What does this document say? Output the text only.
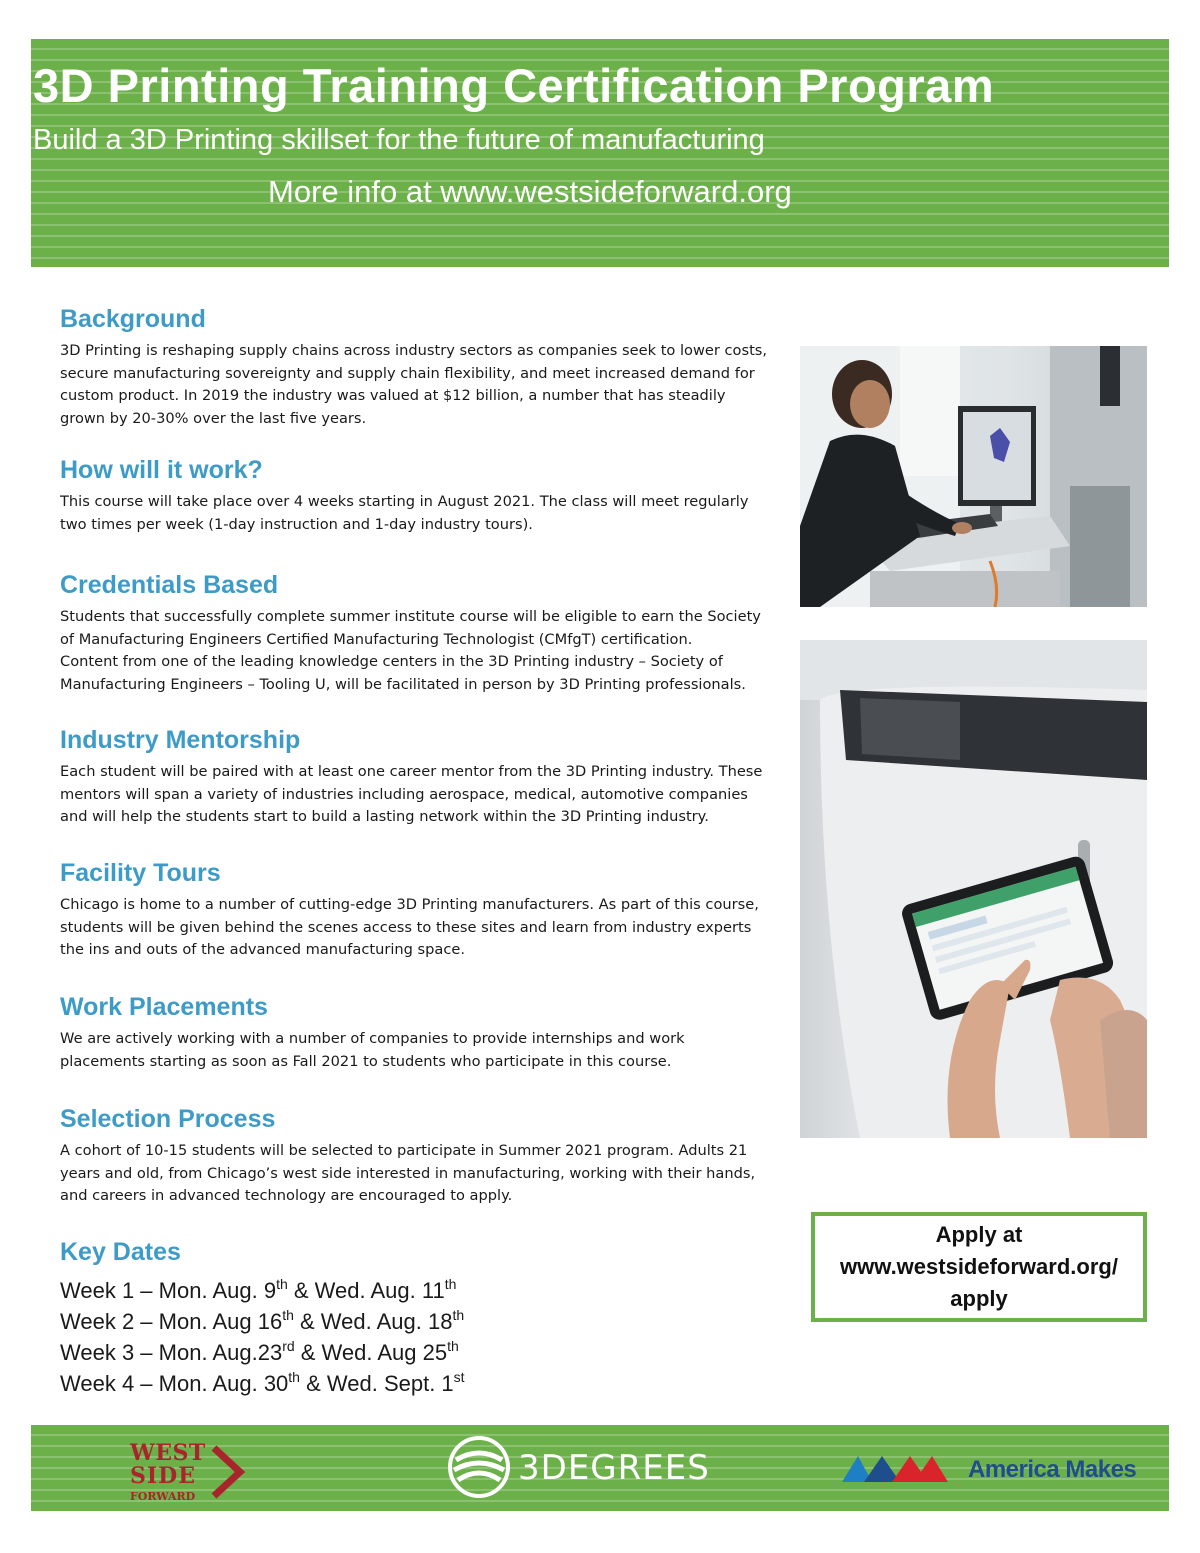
3D Printing Training Certification Program
Build a 3D Printing skillset for the future of manufacturing
More info at www.westsideforward.org
Background

3D Printing is reshaping supply chains across industry sectors as companies seek to lower costs,
secure manufacturing sovereignty and supply chain flexibility, and meet increased demand for
custom product. In 2019 the industry was valued at $12 billion, a number that has steadily
grown by 20-30% over the last five years.

How will it work?

This course will take place over 4 weeks starting in August 2021. The class will meet regularly
two times per week (1-day instruction and 1-day industry tours).

Credentials Based

Students that successfully complete summer institute course will be eligible to earn the Society
of Manufacturing Engineers Certified Manufacturing Technologist (CMfgT) certification.
Content from one of the leading knowledge centers in the 3D Printing industry – Society of
Manufacturing Engineers – Tooling U, will be facilitated in person by 3D Printing professionals.

Industry Mentorship

Each student will be paired with at least one career mentor from the 3D Printing industry. These
mentors will span a variety of industries including aerospace, medical, automotive companies
and will help the students start to build a lasting network within the 3D Printing industry.

Facility Tours

Chicago is home to a number of cutting-edge 3D Printing manufacturers. As part of this course,
students will be given behind the scenes access to these sites and learn from industry experts
the ins and outs of the advanced manufacturing space.

Work Placements

We are actively working with a number of companies to provide internships and work
placements starting as soon as Fall 2021 to students who participate in this course.

Selection Process

A cohort of 10-15 students will be selected to participate in Summer 2021 program. Adults 21
years and old, from Chicago’s west side interested in manufacturing, working with their hands,
and careers in advanced technology are encouraged to apply.

Key Dates
Week 1 – Mon. Aug. 9th & Wed. Aug. 11th
Week 2 – Mon. Aug 16th & Wed. Aug. 18th
Week 3 – Mon. Aug.23rd & Wed. Aug 25th
Week 4 – Mon. Aug. 30th & Wed. Sept. 1st
Apply at
www.westsideforward.org/
apply
WEST
SIDE
FORWARD
3DEGREES	America Makes
